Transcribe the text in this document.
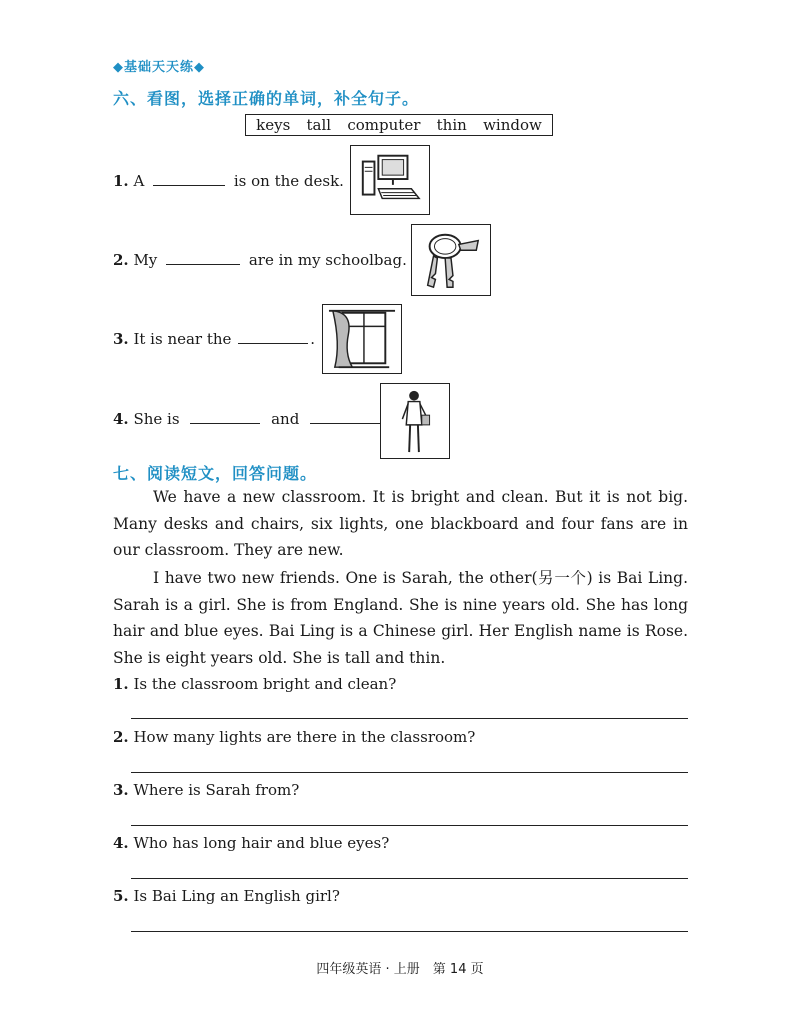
◆基础天天练◆
六、看图，选择正确的单词，补全句子。
keys tall computer thin window
1. A	is on the desk.
2. My	are in my schoolbag.
3. It is near the	.
4. She is	and
七、阅读短文，回答问题。
We have a new classroom. It is bright and clean. But it is not big. Many desks and chairs, six lights, one blackboard and four fans are in our classroom. They are new.
I have two new friends. One is Sarah, the other(另一个) is Bai Ling. Sarah is a girl. She is from England. She is nine years old. She has long hair and blue eyes. Bai Ling is a Chinese girl. Her English name is Rose. She is eight years old. She is tall and thin.
1. Is the classroom bright and clean?
2. How many lights are there in the classroom?
3. Where is Sarah from?
4. Who has long hair and blue eyes?
5. Is Bai Ling an English girl?
四年级英语 · 上册　第 14 页
